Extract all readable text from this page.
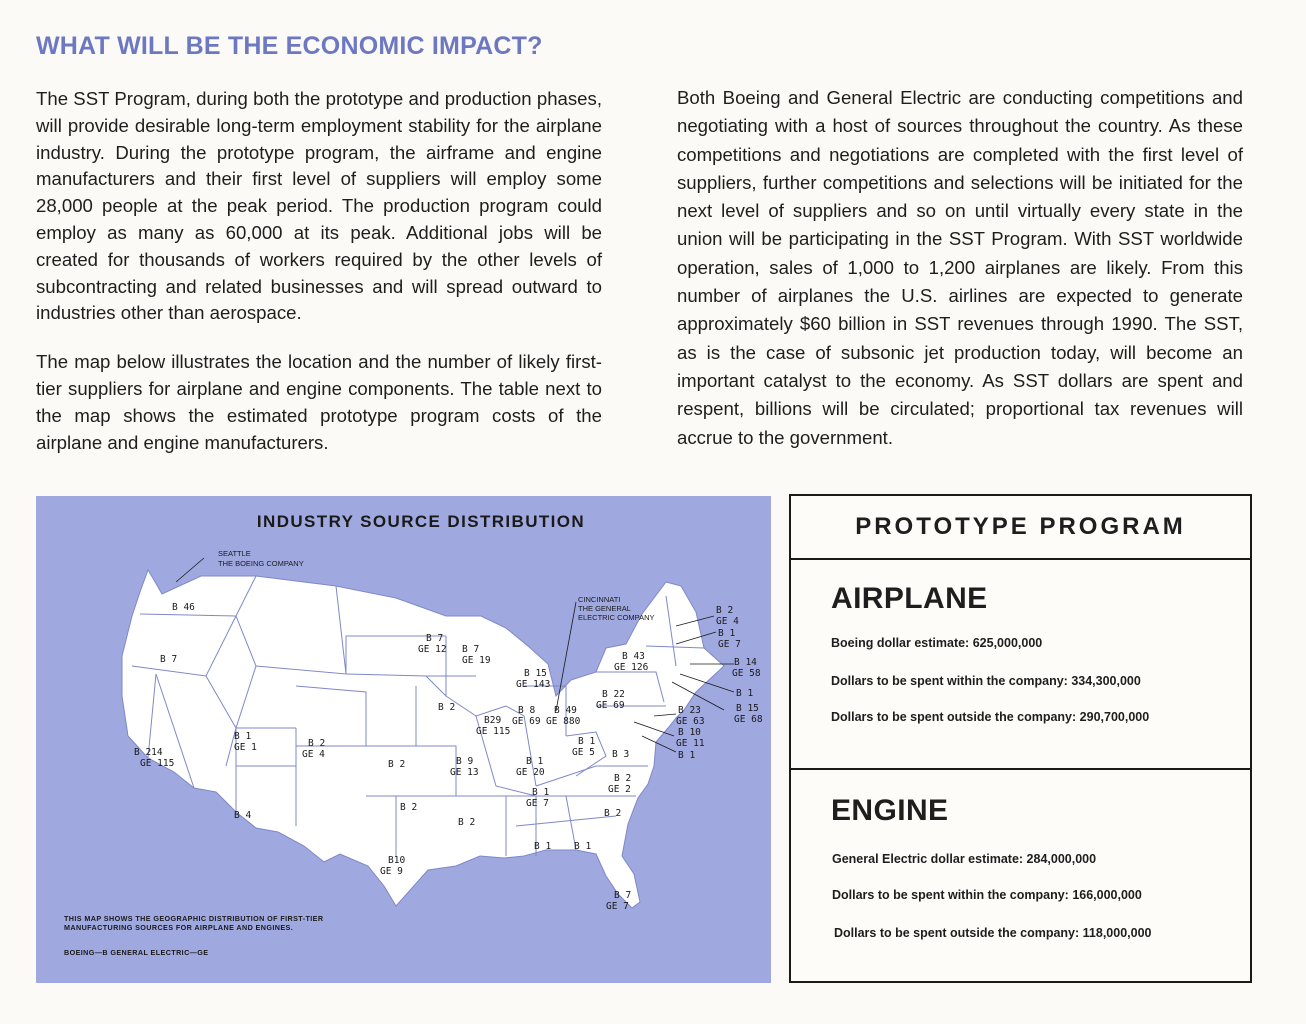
WHAT WILL BE THE ECONOMIC IMPACT?

The SST Program, during both the prototype and production phases, will provide desirable long-term employment stability for the airplane industry. During the prototype program, the airframe and engine manufacturers and their first level of suppliers will employ some 28,000 people at the peak period. The production program could employ as many as 60,000 at its peak. Additional jobs will be created for thousands of workers required by the other levels of subcontracting and related businesses and will spread outward to industries other than aerospace.

The map below illustrates the location and the number of likely first-tier suppliers for airplane and engine components. The table next to the map shows the estimated prototype program costs of the airplane and engine manufacturers.

Both Boeing and General Electric are conducting competitions and negotiating with a host of sources throughout the country. As these competitions and negotiations are completed with the first level of suppliers, further competitions and selections will be initiated for the next level of suppliers and so on until virtually every state in the union will be participating in the SST Program. With SST worldwide operation, sales of 1,000 to 1,200 airplanes are likely. From this number of airplanes the U.S. airlines are expected to generate approximately $60 billion in SST revenues through 1990. The SST, as is the case of subsonic jet production today, will become an important catalyst to the economy. As SST dollars are spent and respent, billions will be circulated; proportional tax revenues will accrue to the government.

INDUSTRY SOURCE DISTRIBUTION
SEATTLE
THE BOEING COMPANY
CINCINNATI
THE GENERAL
ELECTRIC COMPANY
B 46
B 7
B 214
GE 115
B 1
GE 1	B 2
GE 4
B 4
B 2
B 2
B10
GE 9
B 7
GE 12 B 7
GE 19
B 2
B 15
GE 143
B29
GE 115
B 8
GE 69
B 49
GE 880
B 9
GE 13
B 2
B 1
GE 20
B 1
GE 7
B 1
GE 5 B 3
B 2
GE 2
B 2
B 1 B 1
B 7
GE 7
B 43
GE 126
B 22
GE 69
B 2
GE 4
B 1
GE 7
B 14
GE 58
B 1
B 15
GE 68
B 23
GE 63
B 10
GE 11
B 1
THIS MAP SHOWS THE GEOGRAPHIC DISTRIBUTION OF FIRST-TIER MANUFACTURING SOURCES FOR AIRPLANE AND ENGINES.
BOEING—B GENERAL ELECTRIC—GE
PROTOTYPE PROGRAM
AIRPLANE
Boeing dollar estimate: 625,000,000
Dollars to be spent within the company: 334,300,000
Dollars to be spent outside the company: 290,700,000
ENGINE
General Electric dollar estimate: 284,000,000
Dollars to be spent within the company: 166,000,000
Dollars to be spent outside the company: 118,000,000
